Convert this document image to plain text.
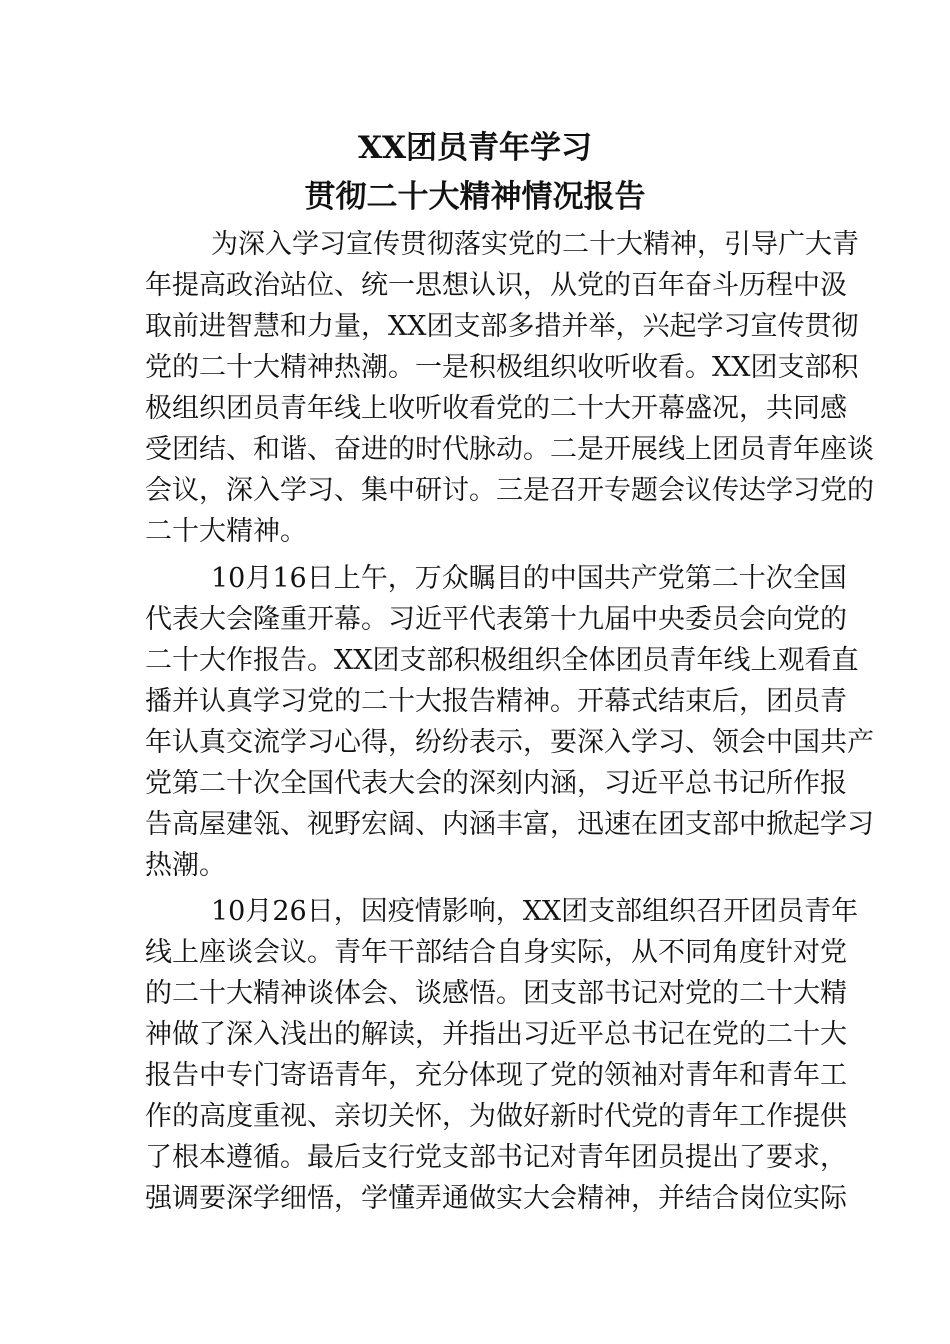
XX团员青年学习
贯彻二十大精神情况报告
为深入学习宣传贯彻落实党的二十大精神，引导广大青
年提高政治站位、统一思想认识，从党的百年奋斗历程中汲
取前进智慧和力量，XX团支部多措并举，兴起学习宣传贯彻
党的二十大精神热潮。一是积极组织收听收看。XX团支部积
极组织团员青年线上收听收看党的二十大开幕盛况，共同感
受团结、和谐、奋进的时代脉动。二是开展线上团员青年座谈
会议，深入学习、集中研讨。三是召开专题会议传达学习党的
二十大精神。
10月16日上午，万众瞩目的中国共产党第二十次全国
代表大会隆重开幕。习近平代表第十九届中央委员会向党的
二十大作报告。XX团支部积极组织全体团员青年线上观看直
播并认真学习党的二十大报告精神。开幕式结束后，团员青
年认真交流学习心得，纷纷表示，要深入学习、领会中国共产
党第二十次全国代表大会的深刻内涵，习近平总书记所作报
告高屋建瓴、视野宏阔、内涵丰富，迅速在团支部中掀起学习
热潮。
10月26日，因疫情影响，XX团支部组织召开团员青年
线上座谈会议。青年干部结合自身实际，从不同角度针对党
的二十大精神谈体会、谈感悟。团支部书记对党的二十大精
神做了深入浅出的解读，并指出习近平总书记在党的二十大
报告中专门寄语青年，充分体现了党的领袖对青年和青年工
作的高度重视、亲切关怀，为做好新时代党的青年工作提供
了根本遵循。最后支行党支部书记对青年团员提出了要求，
强调要深学细悟，学懂弄通做实大会精神，并结合岗位实际
